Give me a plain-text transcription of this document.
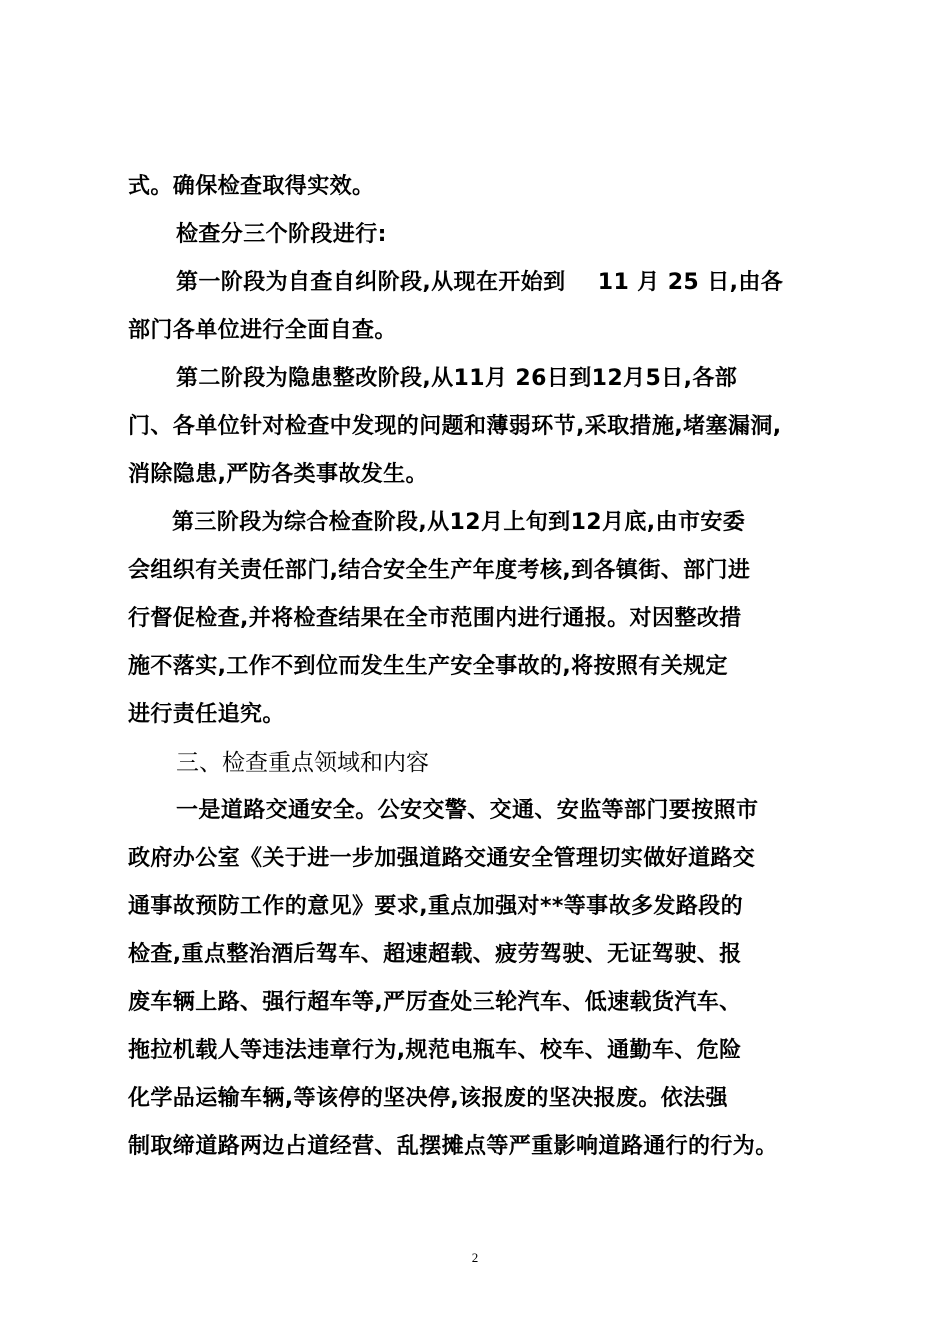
式。确保检查取得实效。

检查分三个阶段进行:

第一阶段为自查自纠阶段,从现在开始到    11 月 25 日,由各

部门各单位进行全面自查。

第二阶段为隐患整改阶段,从11月 26日到12月5日,各部

门、各单位针对检查中发现的问题和薄弱环节,采取措施,堵塞漏洞,

消除隐患,严防各类事故发生。

第三阶段为综合检查阶段,从12月上旬到12月底,由市安委

会组织有关责任部门,结合安全生产年度考核,到各镇街、部门进

行督促检查,并将检查结果在全市范围内进行通报。对因整改措

施不落实,工作不到位而发生生产安全事故的,将按照有关规定

进行责任追究。

三、检查重点领域和内容

一是道路交通安全。公安交警、交通、安监等部门要按照市

政府办公室《关于进一步加强道路交通安全管理切实做好道路交

通事故预防工作的意见》要求,重点加强对**等事故多发路段的

检查,重点整治酒后驾车、超速超载、疲劳驾驶、无证驾驶、报

废车辆上路、强行超车等,严厉查处三轮汽车、低速载货汽车、

拖拉机载人等违法违章行为,规范电瓶车、校车、通勤车、危险

化学品运输车辆,等该停的坚决停,该报废的坚决报废。依法强

制取缔道路两边占道经营、乱摆摊点等严重影响道路通行的行为。

2
